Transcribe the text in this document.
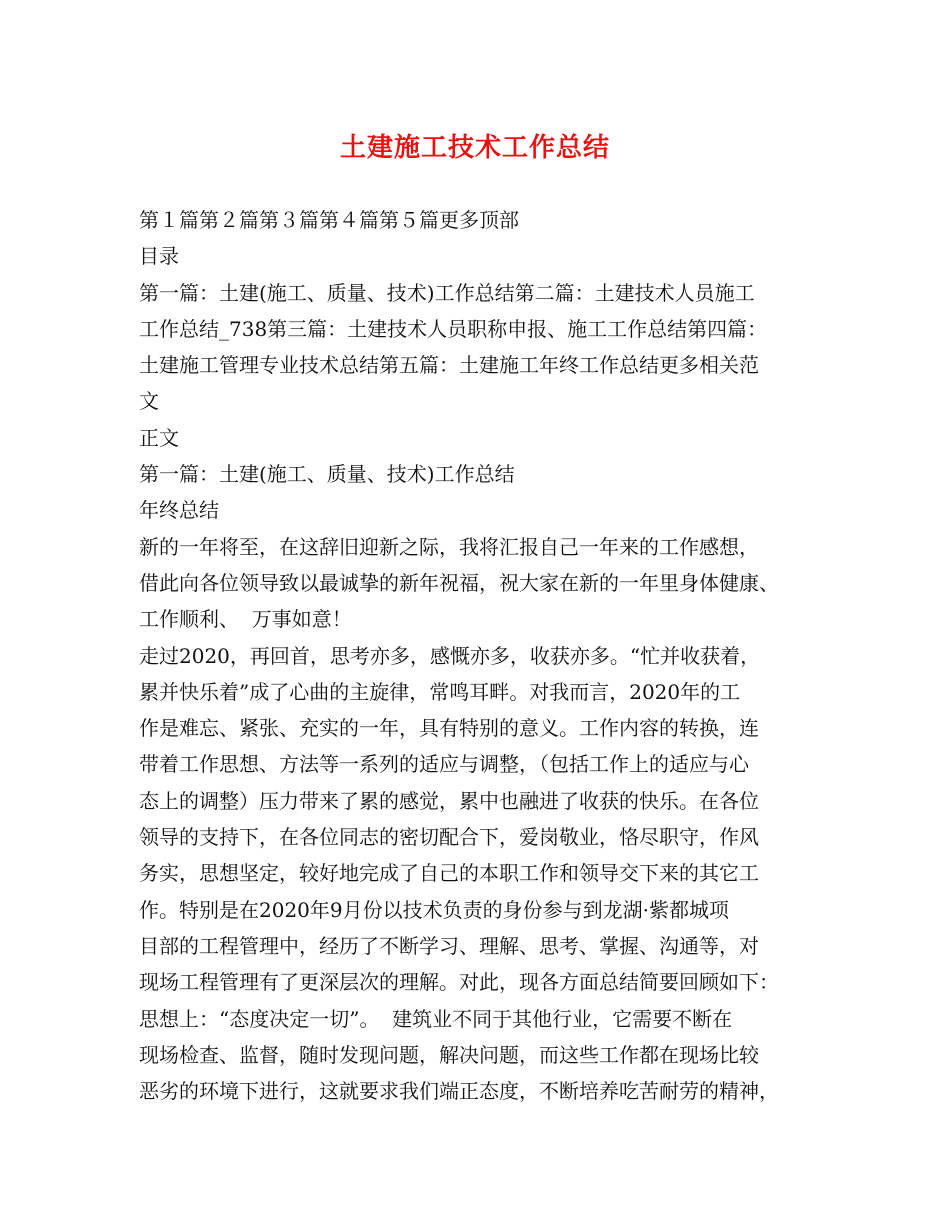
土建施工技术工作总结
第１篇第２篇第３篇第４篇第５篇更多顶部
目录
第一篇：土建(施工、质量、技术)工作总结第二篇：土建技术人员施工
工作总结_738第三篇：土建技术人员职称申报、施工工作总结第四篇：
土建施工管理专业技术总结第五篇：土建施工年终工作总结更多相关范
文
正文
第一篇：土建(施工、质量、技术)工作总结
年终总结
新的一年将至，在这辞旧迎新之际，我将汇报自己一年来的工作感想，
借此向各位领导致以最诚挚的新年祝福，祝大家在新的一年里身体健康、
工作顺利、  万事如意！
走过2020，再回首，思考亦多，感慨亦多，收获亦多。“忙并收获着，
累并快乐着”成了心曲的主旋律，常鸣耳畔。对我而言，2020年的工
作是难忘、紧张、充实的一年，具有特别的意义。工作内容的转换，连
带着工作思想、方法等一系列的适应与调整，（包括工作上的适应与心
态上的调整）压力带来了累的感觉，累中也融进了收获的快乐。在各位
领导的支持下，在各位同志的密切配合下，爱岗敬业，恪尽职守，作风
务实，思想坚定，较好地完成了自己的本职工作和领导交下来的其它工
作。特别是在2020年9月份以技术负责的身份参与到龙湖·紫都城项
目部的工程管理中，经历了不断学习、理解、思考、掌握、沟通等，对
现场工程管理有了更深层次的理解。对此，现各方面总结简要回顾如下：
思想上：“态度决定一切”。  建筑业不同于其他行业，它需要不断在
现场检查、监督，随时发现问题，解决问题，而这些工作都在现场比较
恶劣的环境下进行，这就要求我们端正态度，不断培养吃苦耐劳的精神，
